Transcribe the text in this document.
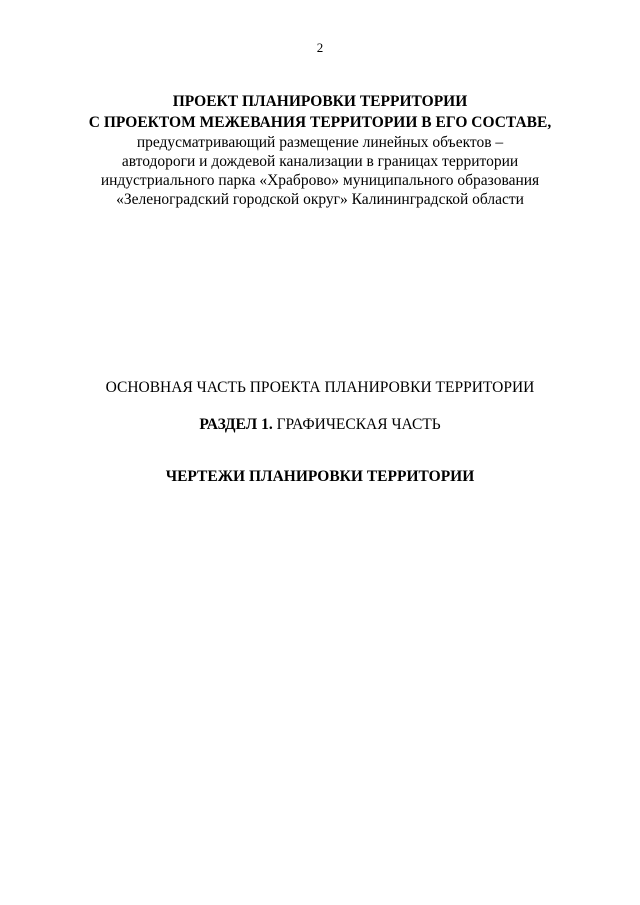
2
ПРОЕКТ ПЛАНИРОВКИ ТЕРРИТОРИИ
С ПРОЕКТОМ МЕЖЕВАНИЯ ТЕРРИТОРИИ В ЕГО СОСТАВЕ,
предусматривающий размещение линейных объектов –
автодороги и дождевой канализации в границах территории
индустриального парка «Храброво» муниципального образования
«Зеленоградский городской округ» Калининградской области
ОСНОВНАЯ ЧАСТЬ ПРОЕКТА ПЛАНИРОВКИ ТЕРРИТОРИИ
РАЗДЕЛ 1. ГРАФИЧЕСКАЯ ЧАСТЬ
ЧЕРТЕЖИ ПЛАНИРОВКИ ТЕРРИТОРИИ
